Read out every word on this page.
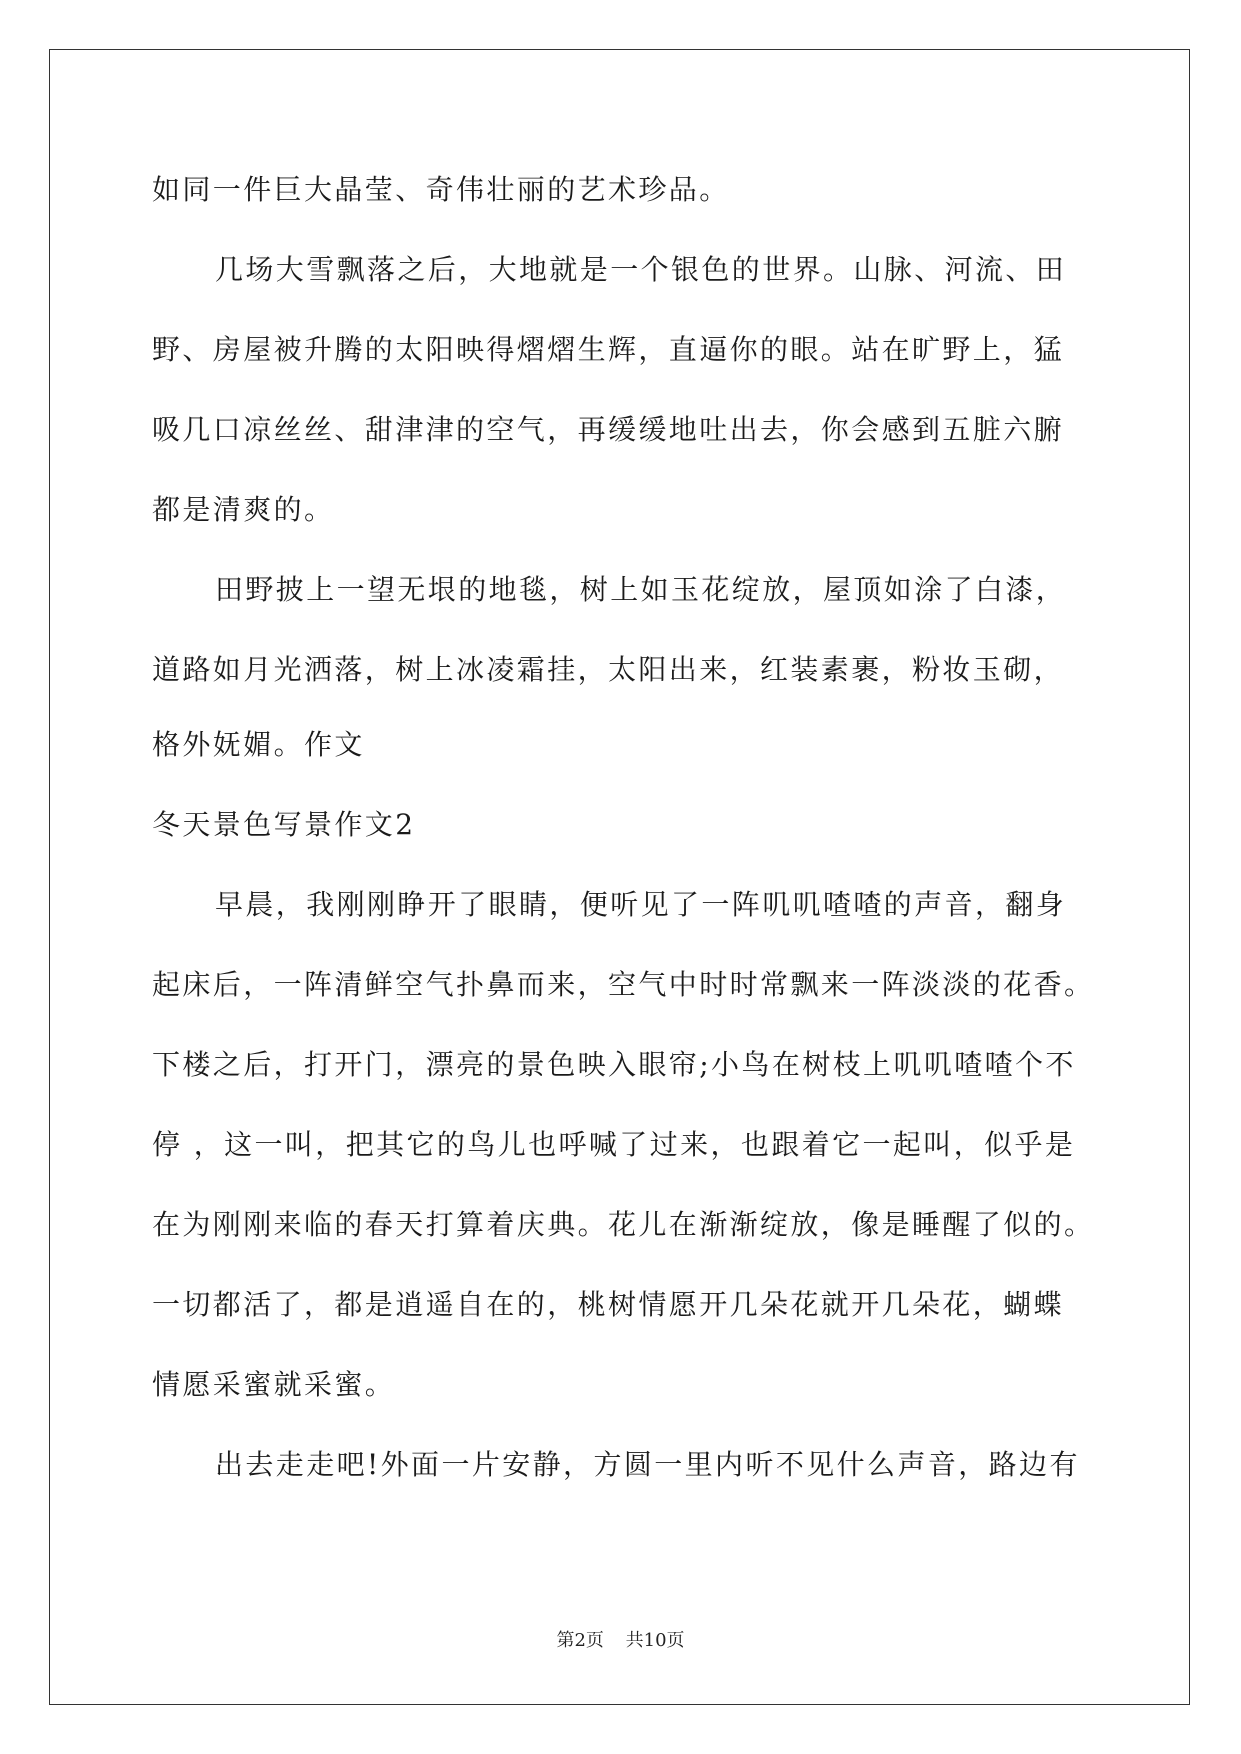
如同一件巨大晶莹、奇伟壮丽的艺术珍品。
几场大雪飘落之后，大地就是一个银色的世界。山脉、河流、田
野、房屋被升腾的太阳映得熠熠生辉，直逼你的眼。站在旷野上，猛
吸几口凉丝丝、甜津津的空气，再缓缓地吐出去，你会感到五脏六腑
都是清爽的。
田野披上一望无垠的地毯，树上如玉花绽放，屋顶如涂了白漆，
道路如月光洒落，树上冰凌霜挂，太阳出来，红装素裹，粉妆玉砌，
格外妩媚。作文
冬天景色写景作文2
早晨，我刚刚睁开了眼睛，便听见了一阵叽叽喳喳的声音，翻身
起床后，一阵清鲜空气扑鼻而来，空气中时时常飘来一阵淡淡的花香。
下楼之后，打开门，漂亮的景色映入眼帘;小鸟在树枝上叽叽喳喳个不
停 ，这一叫，把其它的鸟儿也呼喊了过来，也跟着它一起叫，似乎是
在为刚刚来临的春天打算着庆典。花儿在渐渐绽放，像是睡醒了似的。
一切都活了，都是逍遥自在的，桃树情愿开几朵花就开几朵花，蝴蝶
情愿采蜜就采蜜。
出去走走吧!外面一片安静，方圆一里内听不见什么声音，路边有
第2页 共10页
